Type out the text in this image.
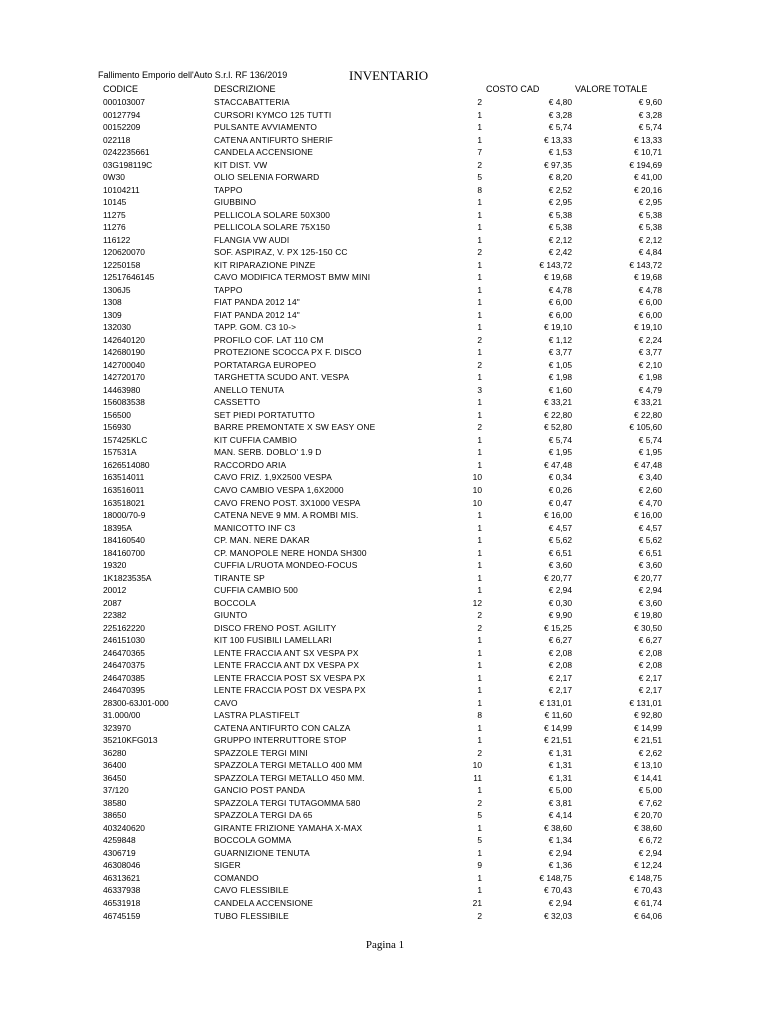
Fallimento Emporio dell'Auto S.r.l. RF 136/2019	INVENTARIO
CODICE	DESCRIZIONE	COSTO CAD	VALORE TOTALE
000103007	STACCABATTERIA	2	€ 4,80	€ 9,60
00127794	CURSORI KYMCO 125 TUTTI	1	€ 3,28	€ 3,28
00152209	PULSANTE AVVIAMENTO	1	€ 5,74	€ 5,74
022118	CATENA ANTIFURTO SHERIF	1	€ 13,33	€ 13,33
0242235661	CANDELA ACCENSIONE	7	€ 1,53	€ 10,71
03G198119C	KIT DIST. VW	2	€ 97,35	€ 194,69
0W30	OLIO SELENIA FORWARD	5	€ 8,20	€ 41,00
10104211	TAPPO	8	€ 2,52	€ 20,16
10145	GIUBBINO	1	€ 2,95	€ 2,95
11275	PELLICOLA SOLARE 50X300	1	€ 5,38	€ 5,38
11276	PELLICOLA SOLARE 75X150	1	€ 5,38	€ 5,38
116122	FLANGIA VW AUDI	1	€ 2,12	€ 2,12
120620070	SOF. ASPIRAZ, V. PX 125-150 CC	2	€ 2,42	€ 4,84
12250158	KIT RIPARAZIONE PINZE	1	€ 143,72	€ 143,72
12517646145	CAVO MODIFICA TERMOST BMW MINI	1	€ 19,68	€ 19,68
1306J5	TAPPO	1	€ 4,78	€ 4,78
1308	FIAT PANDA 2012 14"	1	€ 6,00	€ 6,00
1309	FIAT PANDA 2012 14"	1	€ 6,00	€ 6,00
132030	TAPP. GOM. C3 10->	1	€ 19,10	€ 19,10
142640120	PROFILO COF. LAT 110 CM	2	€ 1,12	€ 2,24
142680190	PROTEZIONE SCOCCA PX F. DISCO	1	€ 3,77	€ 3,77
142700040	PORTATARGA EUROPEO	2	€ 1,05	€ 2,10
142720170	TARGHETTA SCUDO ANT. VESPA	1	€ 1,98	€ 1,98
14463980	ANELLO TENUTA	3	€ 1,60	€ 4,79
156083538	CASSETTO	1	€ 33,21	€ 33,21
156500	SET PIEDI PORTATUTTO	1	€ 22,80	€ 22,80
156930	BARRE PREMONTATE X SW EASY ONE	2	€ 52,80	€ 105,60
157425KLC	KIT CUFFIA CAMBIO	1	€ 5,74	€ 5,74
157531A	MAN. SERB. DOBLO' 1.9 D	1	€ 1,95	€ 1,95
1626514080	RACCORDO ARIA	1	€ 47,48	€ 47,48
163514011	CAVO FRIZ. 1,9X2500 VESPA	10	€ 0,34	€ 3,40
163516011	CAVO CAMBIO VESPA 1,6X2000	10	€ 0,26	€ 2,60
163518021	CAVO FRENO POST. 3X1000 VESPA	10	€ 0,47	€ 4,70
18000/70-9	CATENA NEVE 9 MM. A ROMBI MIS.	1	€ 16,00	€ 16,00
18395A	MANICOTTO INF C3	1	€ 4,57	€ 4,57
184160540	CP. MAN. NERE DAKAR	1	€ 5,62	€ 5,62
184160700	CP. MANOPOLE NERE HONDA SH300	1	€ 6,51	€ 6,51
19320	CUFFIA L/RUOTA MONDEO-FOCUS	1	€ 3,60	€ 3,60
1K1823535A	TIRANTE SP	1	€ 20,77	€ 20,77
20012	CUFFIA CAMBIO 500	1	€ 2,94	€ 2,94
2087	BOCCOLA	12	€ 0,30	€ 3,60
22382	GIUNTO	2	€ 9,90	€ 19,80
225162220	DISCO FRENO POST. AGILITY	2	€ 15,25	€ 30,50
246151030	KIT 100 FUSIBILI LAMELLARI	1	€ 6,27	€ 6,27
246470365	LENTE FRACCIA ANT SX VESPA PX	1	€ 2,08	€ 2,08
246470375	LENTE FRACCIA ANT DX VESPA PX	1	€ 2,08	€ 2,08
246470385	LENTE FRACCIA POST SX VESPA PX	1	€ 2,17	€ 2,17
246470395	LENTE FRACCIA POST DX VESPA PX	1	€ 2,17	€ 2,17
28300-63J01-000	CAVO	1	€ 131,01	€ 131,01
31.000/00	LASTRA PLASTIFELT	8	€ 11,60	€ 92,80
323970	CATENA ANTIFURTO CON CALZA	1	€ 14,99	€ 14,99
35210KFG013	GRUPPO INTERRUTTORE STOP	1	€ 21,51	€ 21,51
36280	SPAZZOLE TERGI MINI	2	€ 1,31	€ 2,62
36400	SPAZZOLA TERGI METALLO 400 MM	10	€ 1,31	€ 13,10
36450	SPAZZOLA TERGI METALLO 450 MM.	11	€ 1,31	€ 14,41
37/120	GANCIO POST PANDA	1	€ 5,00	€ 5,00
38580	SPAZZOLA TERGI TUTAGOMMA 580	2	€ 3,81	€ 7,62
38650	SPAZZOLA TERGI DA 65	5	€ 4,14	€ 20,70
403240620	GIRANTE FRIZIONE YAMAHA X-MAX	1	€ 38,60	€ 38,60
4259848	BOCCOLA GOMMA	5	€ 1,34	€ 6,72
4306719	GUARNIZIONE TENUTA	1	€ 2,94	€ 2,94
46308046	SIGER	9	€ 1,36	€ 12,24
46313621	COMANDO	1	€ 148,75	€ 148,75
46337938	CAVO FLESSIBILE	1	€ 70,43	€ 70,43
46531918	CANDELA ACCENSIONE	21	€ 2,94	€ 61,74
46745159	TUBO FLESSIBILE	2	€ 32,03	€ 64,06
Pagina 1
